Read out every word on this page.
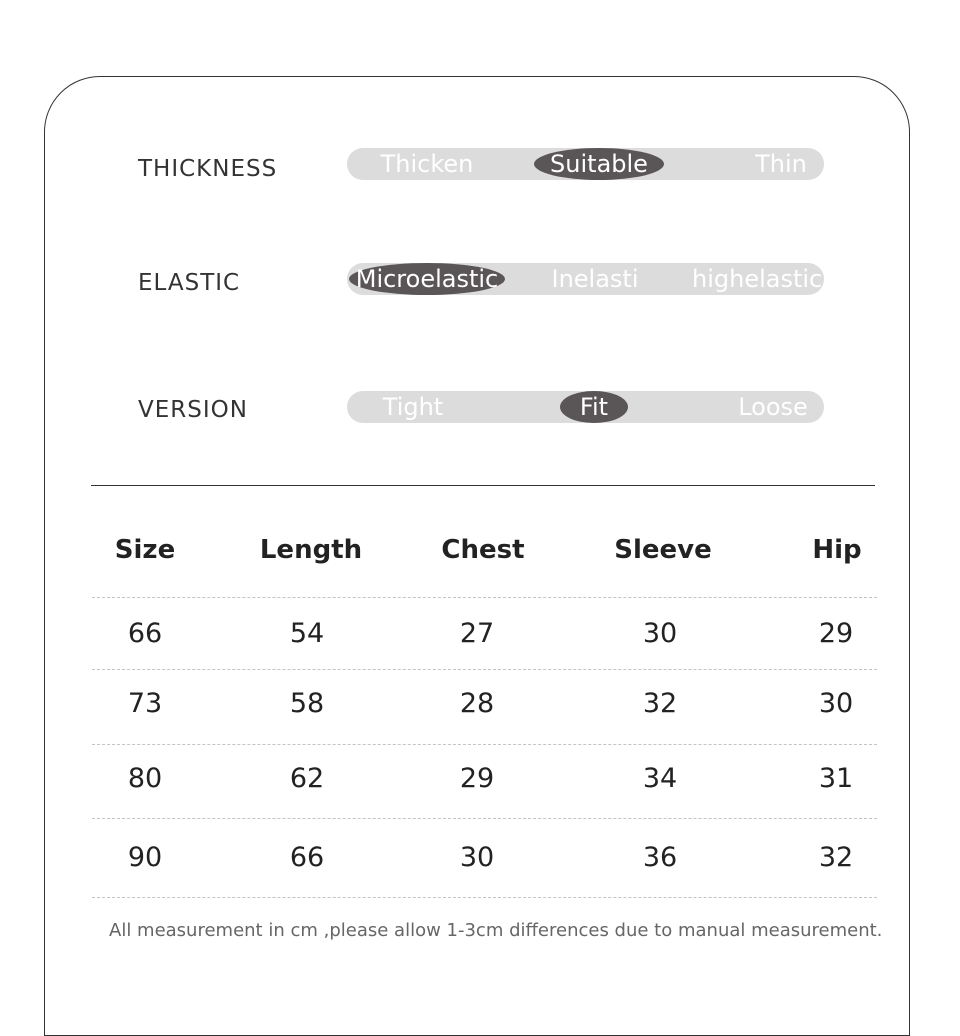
THICKNESS	Thicken	Suitable	Thin
ELASTIC	Microelastic Inelasti highelastic
VERSION	Tight	Fit	Loose
Size	Length	Chest	Sleeve	Hip
66	54	27	30	29
73	58	28	32	30
80	62	29	34	31
90	66	30	36	32
All measurement in cm ,please allow 1-3cm differences due to manual measurement.
